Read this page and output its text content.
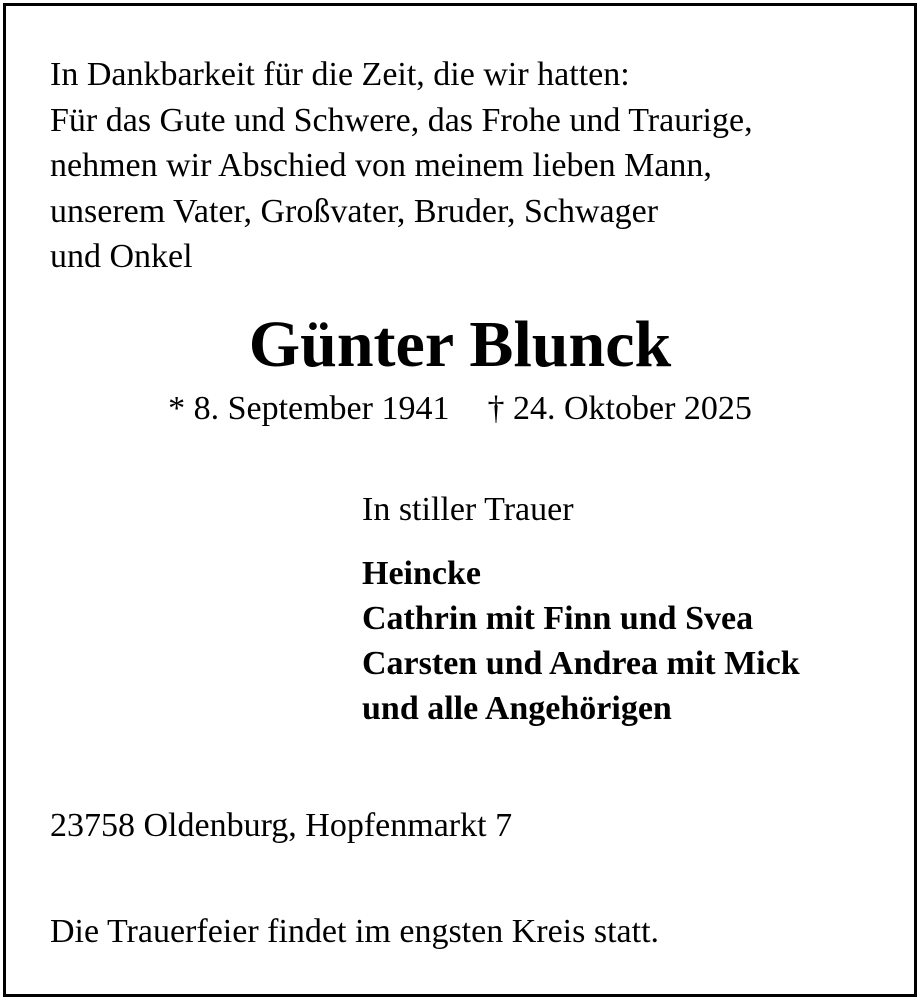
In Dankbarkeit für die Zeit, die wir hatten:
Für das Gute und Schwere, das Frohe und Traurige,
nehmen wir Abschied von meinem lieben Mann,
unserem Vater, Großvater, Bruder, Schwager
und Onkel

Günter Blunck
* 8. September 1941 † 24. Oktober 2025
In stiller Trauer
Heincke
Cathrin mit Finn und Svea
Carsten und Andrea mit Mick
und alle Angehörigen
23758 Oldenburg, Hopfenmarkt 7
Die Trauerfeier findet im engsten Kreis statt.
